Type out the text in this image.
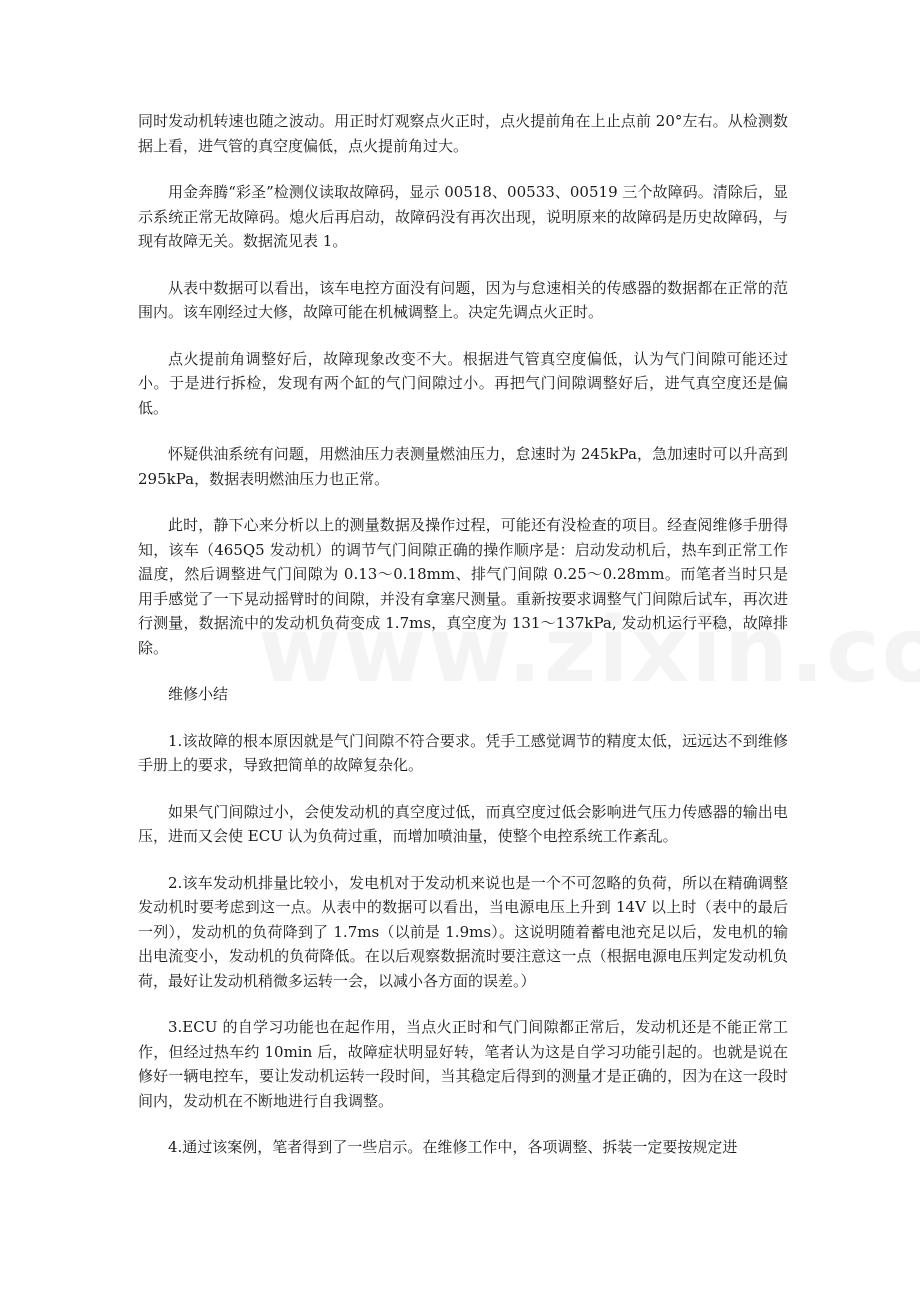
同时发动机转速也随之波动。用正时灯观察点火正时，点火提前角在上止点前 20°左右。从检测数据上看，进气管的真空度偏低，点火提前角过大。

用金奔腾“彩圣”检测仪读取故障码，显示 00518、00533、00519 三个故障码。清除后，显示系统正常无故障码。熄火后再启动，故障码没有再次出现，说明原来的故障码是历史故障码，与现有故障无关。数据流见表 1。

从表中数据可以看出，该车电控方面没有问题，因为与怠速相关的传感器的数据都在正常的范围内。该车刚经过大修，故障可能在机械调整上。决定先调点火正时。

点火提前角调整好后，故障现象改变不大。根据进气管真空度偏低，认为气门间隙可能还过小。于是进行拆检，发现有两个缸的气门间隙过小。再把气门间隙调整好后，进气真空度还是偏低。

怀疑供油系统有问题，用燃油压力表测量燃油压力，怠速时为 245kPa，急加速时可以升高到 295kPa，数据表明燃油压力也正常。

此时，静下心来分析以上的测量数据及操作过程，可能还有没检查的项目。经查阅维修手册得知，该车（465Q5 发动机）的调节气门间隙正确的操作顺序是：启动发动机后，热车到正常工作温度，然后调整进气门间隙为 0.13～0.18mm、排气门间隙 0.25～0.28mm。而笔者当时只是用手感觉了一下晃动摇臂时的间隙，并没有拿塞尺测量。重新按要求调整气门间隙后试车，再次进行测量，数据流中的发动机负荷变成 1.7ms，真空度为 131～137kPa, 发动机运行平稳，故障排除。

维修小结

1.该故障的根本原因就是气门间隙不符合要求。凭手工感觉调节的精度太低，远远达不到维修手册上的要求，导致把简单的故障复杂化。

如果气门间隙过小，会使发动机的真空度过低，而真空度过低会影响进气压力传感器的输出电压，进而又会使 ECU 认为负荷过重，而增加喷油量，使整个电控系统工作紊乱。

2.该车发动机排量比较小，发电机对于发动机来说也是一个不可忽略的负荷，所以在精确调整发动机时要考虑到这一点。从表中的数据可以看出，当电源电压上升到 14V 以上时（表中的最后一列），发动机的负荷降到了 1.7ms（以前是 1.9ms）。这说明随着蓄电池充足以后，发电机的输出电流变小，发动机的负荷降低。在以后观察数据流时要注意这一点（根据电源电压判定发动机负荷，最好让发动机稍微多运转一会，以减小各方面的误差。）

3.ECU 的自学习功能也在起作用，当点火正时和气门间隙都正常后，发动机还是不能正常工作，但经过热车约 10min 后，故障症状明显好转，笔者认为这是自学习功能引起的。也就是说在修好一辆电控车，要让发动机运转一段时间，当其稳定后得到的测量才是正确的，因为在这一段时间内，发动机在不断地进行自我调整。

4.通过该案例，笔者得到了一些启示。在维修工作中，各项调整、拆装一定要按规定进
